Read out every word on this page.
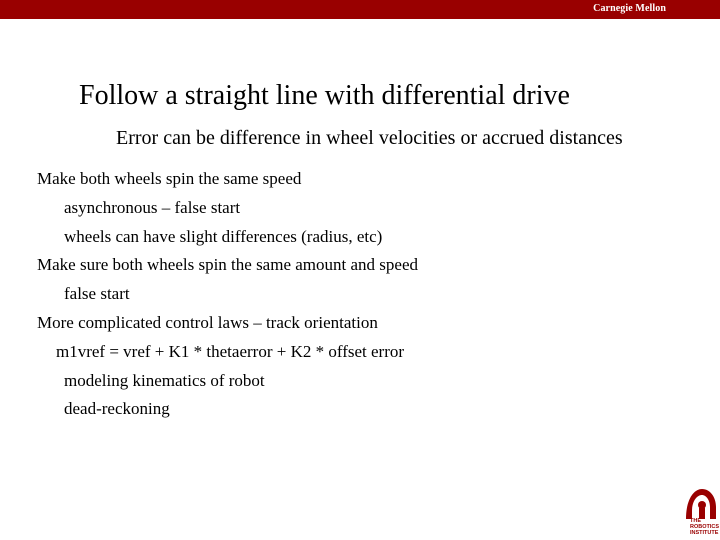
Carnegie Mellon
Follow a straight line with differential drive
Error can be difference in wheel velocities or accrued distances
Make both wheels spin the same speed
asynchronous – false start
wheels can have slight differences (radius, etc)
Make sure both wheels spin the same amount and speed
false start
More complicated control laws – track orientation
m1vref = vref + K1 * thetaerror + K2 * offset error
modeling kinematics of robot
dead-reckoning
THE
ROBOTICS
INSTITUTE
